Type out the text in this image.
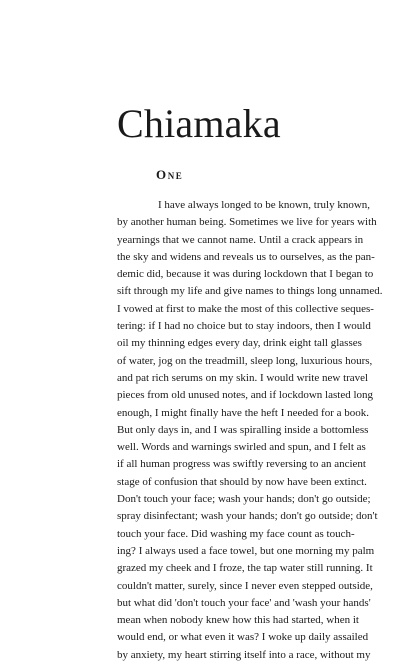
Chiamaka
One
I have always longed to be known, truly known,
by another human being. Sometimes we live for years with
yearnings that we cannot name. Until a crack appears in
the sky and widens and reveals us to ourselves, as the pan-
demic did, because it was during lockdown that I began to
sift through my life and give names to things long unnamed.
I vowed at first to make the most of this collective seques-
tering: if I had no choice but to stay indoors, then I would
oil my thinning edges every day, drink eight tall glasses
of water, jog on the treadmill, sleep long, luxurious hours,
and pat rich serums on my skin. I would write new travel
pieces from old unused notes, and if lockdown lasted long
enough, I might finally have the heft I needed for a book.
But only days in, and I was spiralling inside a bottomless
well. Words and warnings swirled and spun, and I felt as
if all human progress was swiftly reversing to an ancient
stage of confusion that should by now have been extinct.
Don't touch your face; wash your hands; don't go outside;
spray disinfectant; wash your hands; don't go outside; don't
touch your face. Did washing my face count as touch-
ing? I always used a face towel, but one morning my palm
grazed my cheek and I froze, the tap water still running. It
couldn't matter, surely, since I never even stepped outside,
but what did 'don't touch your face' and 'wash your hands'
mean when nobody knew how this had started, when it
would end, or what even it was? I woke up daily assailed
by anxiety, my heart stirring itself into a race, without my
